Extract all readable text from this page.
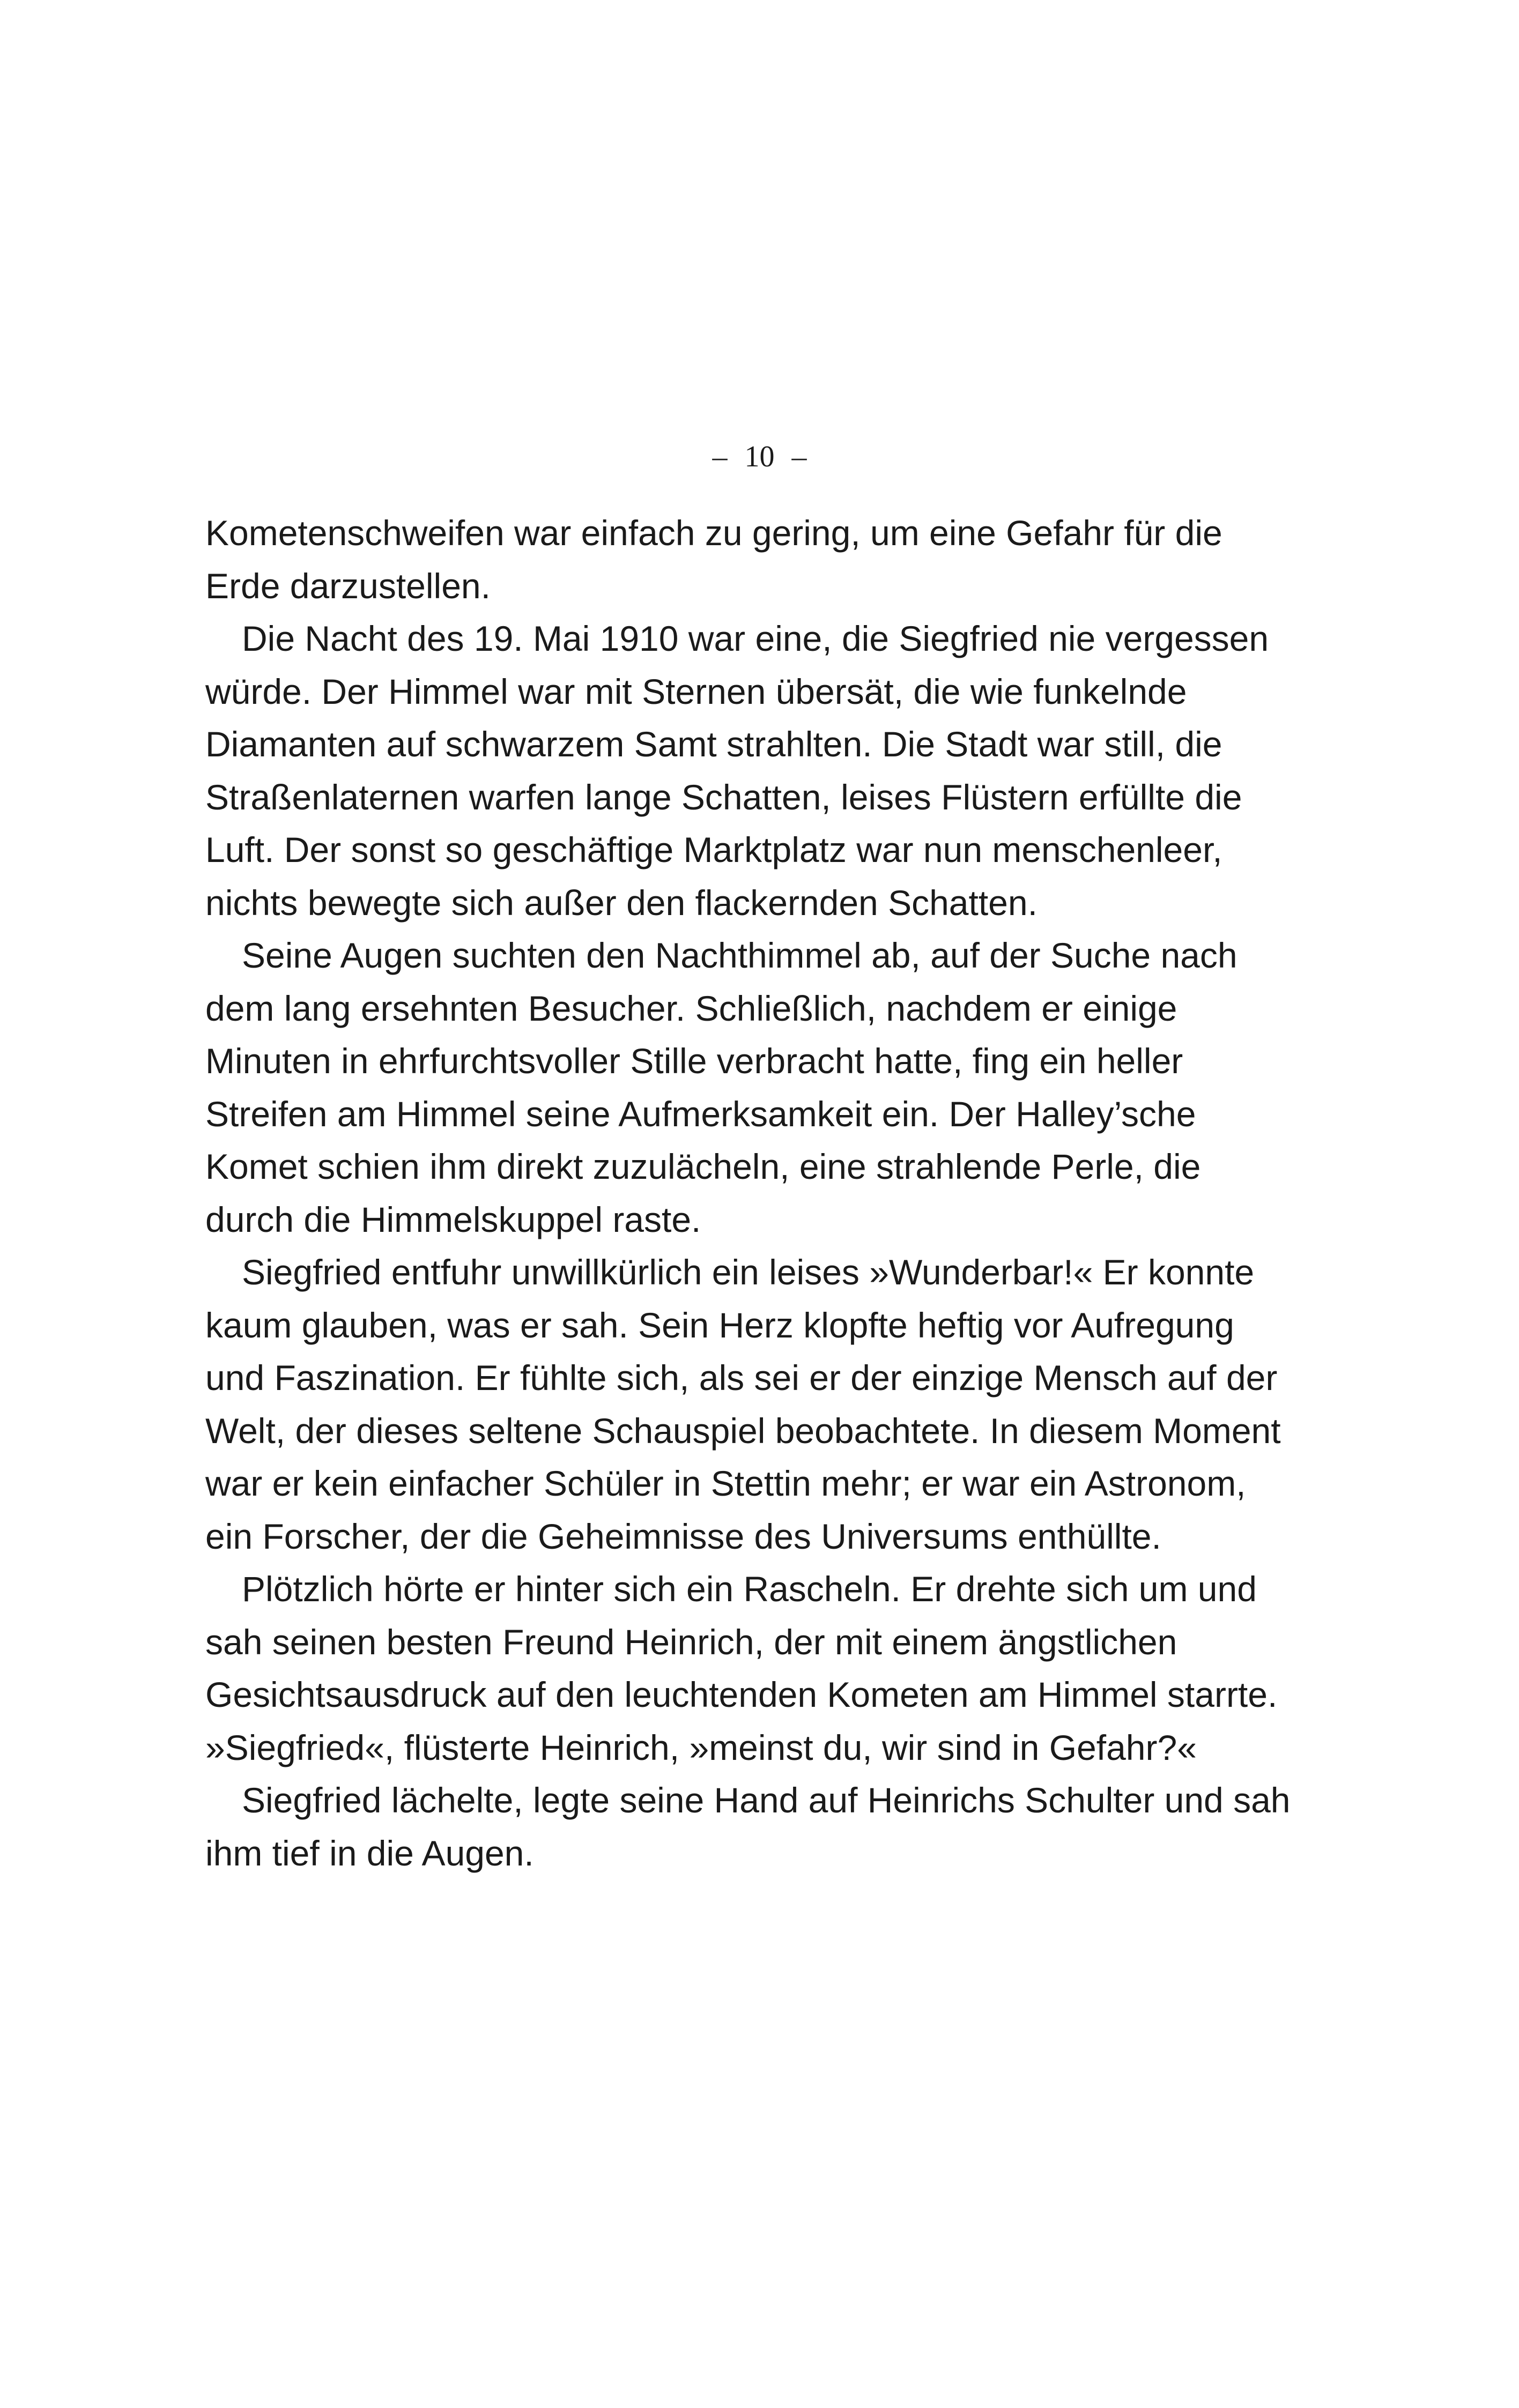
– 10 –
Kometenschweifen war einfach zu gering, um eine Gefahr für die
Erde darzustellen.
Die Nacht des 19. Mai 1910 war eine, die Siegfried nie vergessen
würde. Der Himmel war mit Sternen übersät, die wie funkelnde
Diamanten auf schwarzem Samt strahlten. Die Stadt war still, die
Straßenlaternen warfen lange Schatten, leises Flüstern erfüllte die
Luft. Der sonst so geschäftige Marktplatz war nun menschenleer,
nichts bewegte sich außer den flackernden Schatten.
Seine Augen suchten den Nachthimmel ab, auf der Suche nach
dem lang ersehnten Besucher. Schließlich, nachdem er einige
Minuten in ehrfurchtsvoller Stille verbracht hatte, fing ein heller
Streifen am Himmel seine Aufmerksamkeit ein. Der Halley’sche
Komet schien ihm direkt zuzulächeln, eine strahlende Perle, die
durch die Himmelskuppel raste.
Siegfried entfuhr unwillkürlich ein leises »Wunderbar!« Er konnte
kaum glauben, was er sah. Sein Herz klopfte heftig vor Aufregung
und Faszination. Er fühlte sich, als sei er der einzige Mensch auf der
Welt, der dieses seltene Schauspiel beobachtete. In diesem Moment
war er kein einfacher Schüler in Stettin mehr; er war ein Astronom,
ein Forscher, der die Geheimnisse des Universums enthüllte.
Plötzlich hörte er hinter sich ein Rascheln. Er drehte sich um und
sah seinen besten Freund Heinrich, der mit einem ängstlichen
Gesichtsausdruck auf den leuchtenden Kometen am Himmel starrte.
»Siegfried«, flüsterte Heinrich, »meinst du, wir sind in Gefahr?«
Siegfried lächelte, legte seine Hand auf Heinrichs Schulter und sah
ihm tief in die Augen.
